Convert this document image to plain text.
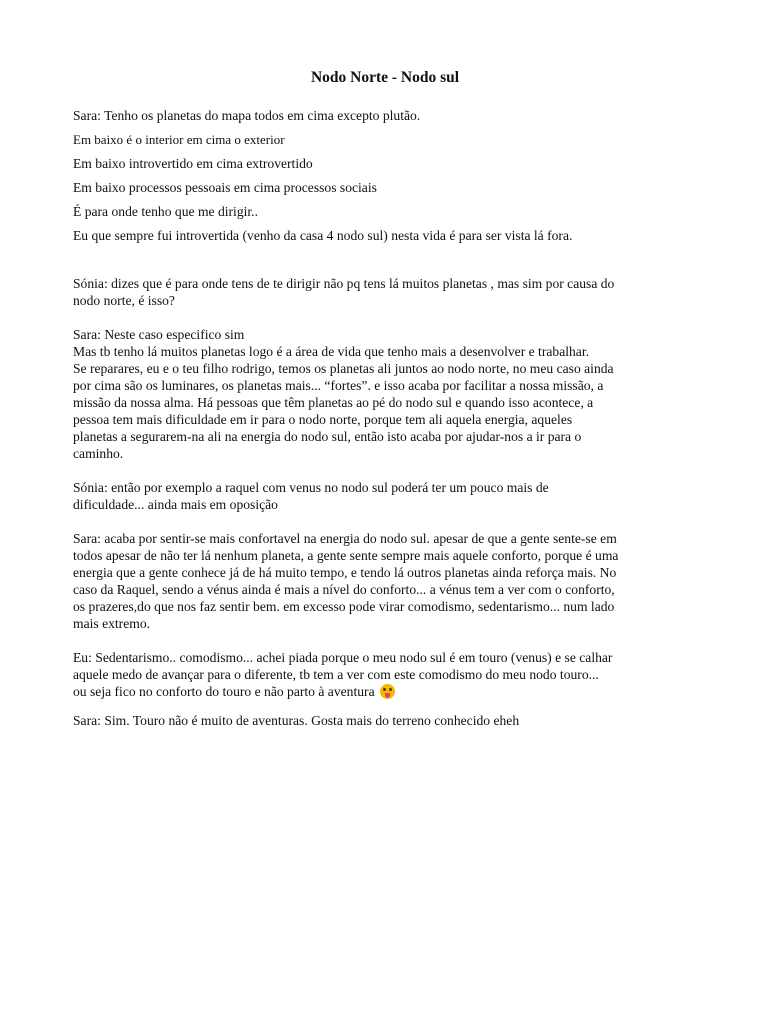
Nodo Norte - Nodo sul
Sara: Tenho os planetas do mapa todos em cima excepto plutão.
Em baixo é o interior em cima o exterior
Em baixo introvertido em cima extrovertido
Em baixo processos pessoais em cima processos sociais
É para onde tenho que me dirigir..
Eu que sempre fui introvertida (venho da casa 4 nodo sul) nesta vida é para ser vista lá fora.

Sónia: dizes que é para onde tens de te dirigir não pq tens lá muitos planetas , mas sim por causa do
nodo norte, é isso?

Sara: Neste caso especifico sim
Mas tb tenho lá muitos planetas logo é a área de vida que tenho mais a desenvolver e trabalhar.
Se reparares, eu e o teu filho rodrigo, temos os planetas ali juntos ao nodo norte, no meu caso ainda
por cima são os luminares, os planetas mais... “fortes”. e isso acaba por facilitar a nossa missão, a
missão da nossa alma. Há pessoas que têm planetas ao pé do nodo sul e quando isso acontece, a
pessoa tem mais dificuldade em ir para o nodo norte, porque tem ali aquela energia, aqueles
planetas a segurarem-na ali na energia do nodo sul, então isto acaba por ajudar-nos a ir para o
caminho.

Sónia: então por exemplo a raquel com venus no nodo sul poderá ter um pouco mais de
dificuldade... ainda mais em oposição

Sara: acaba por sentir-se mais confortavel na energia do nodo sul. apesar de que a gente sente-se em
todos apesar de não ter lá nenhum planeta, a gente sente sempre mais aquele conforto, porque é uma
energia que a gente conhece já de há muito tempo, e tendo lá outros planetas ainda reforça mais. No
caso da Raquel, sendo a vénus ainda é mais a nível do conforto... a vénus tem a ver com o conforto,
os prazeres,do que nos faz sentir bem. em excesso pode virar comodismo, sedentarismo... num lado
mais extremo.

Eu: Sedentarismo.. comodismo... achei piada porque o meu nodo sul é em touro (venus) e se calhar
aquele medo de avançar para o diferente, tb tem a ver com este comodismo do meu nodo touro...
ou seja fico no conforto do touro e não parto à aventura

Sara: Sim. Touro não é muito de aventuras. Gosta mais do terreno conhecido eheh
